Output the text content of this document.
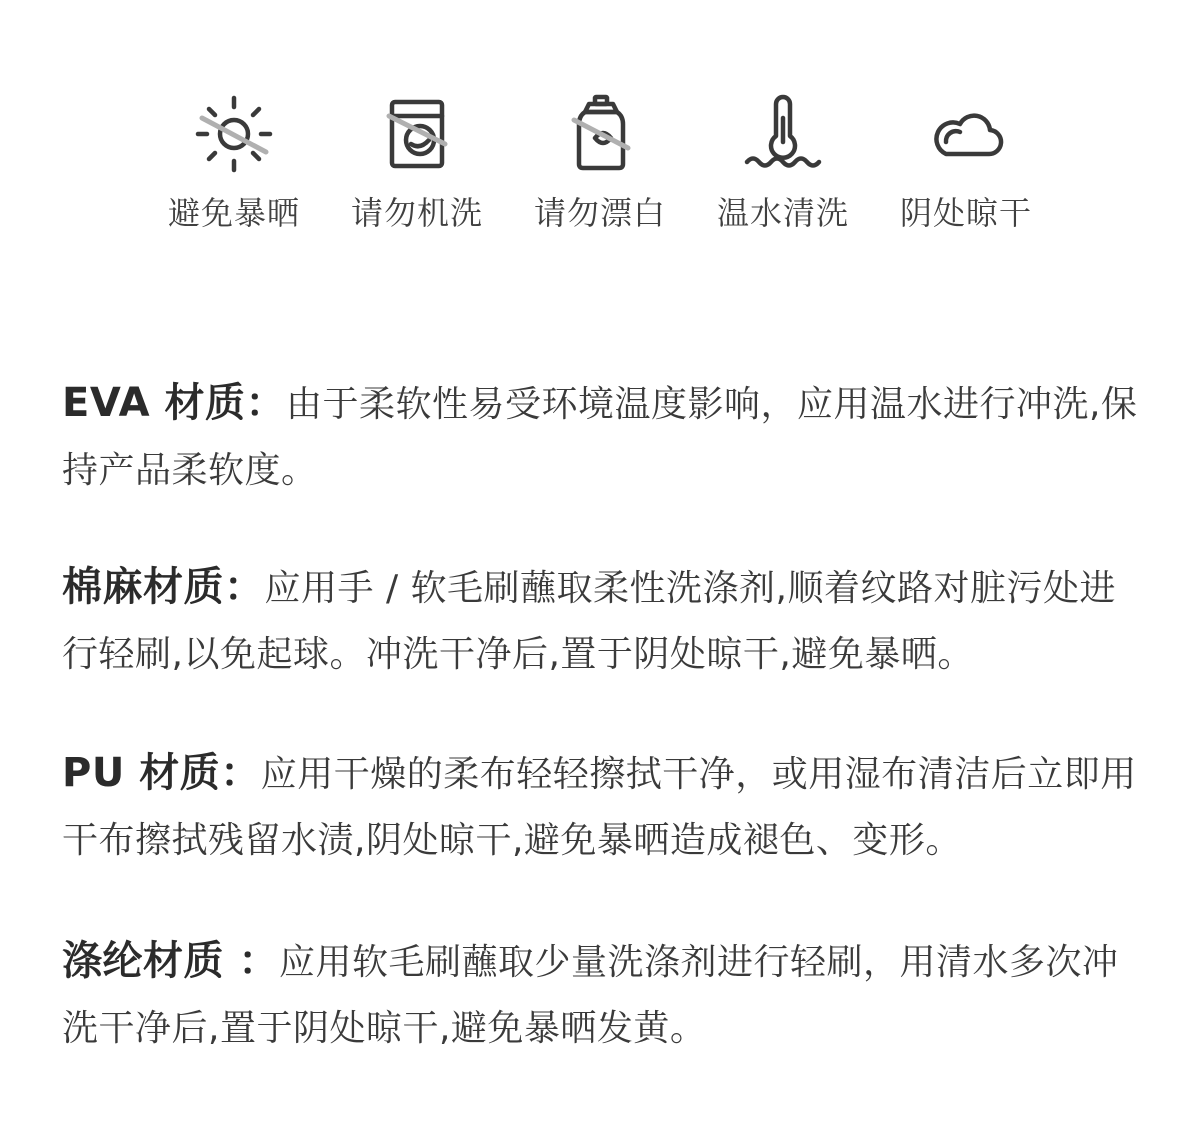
避免暴晒	请勿机洗	请勿漂白	温水清洗	阴处晾干
EVA 材质：由于柔软性易受环境温度影响，应用温水进行冲洗,保持产品柔软度。
棉麻材质：应用手 / 软毛刷蘸取柔性洗涤剂,顺着纹路对脏污处进行轻刷,以免起球。冲洗干净后,置于阴处晾干,避免暴晒。
PU 材质：应用干燥的柔布轻轻擦拭干净，或用湿布清洁后立即用干布擦拭残留水渍,阴处晾干,避免暴晒造成褪色、变形。
涤纶材质 ：应用软毛刷蘸取少量洗涤剂进行轻刷，用清水多次冲洗干净后,置于阴处晾干,避免暴晒发黄。
